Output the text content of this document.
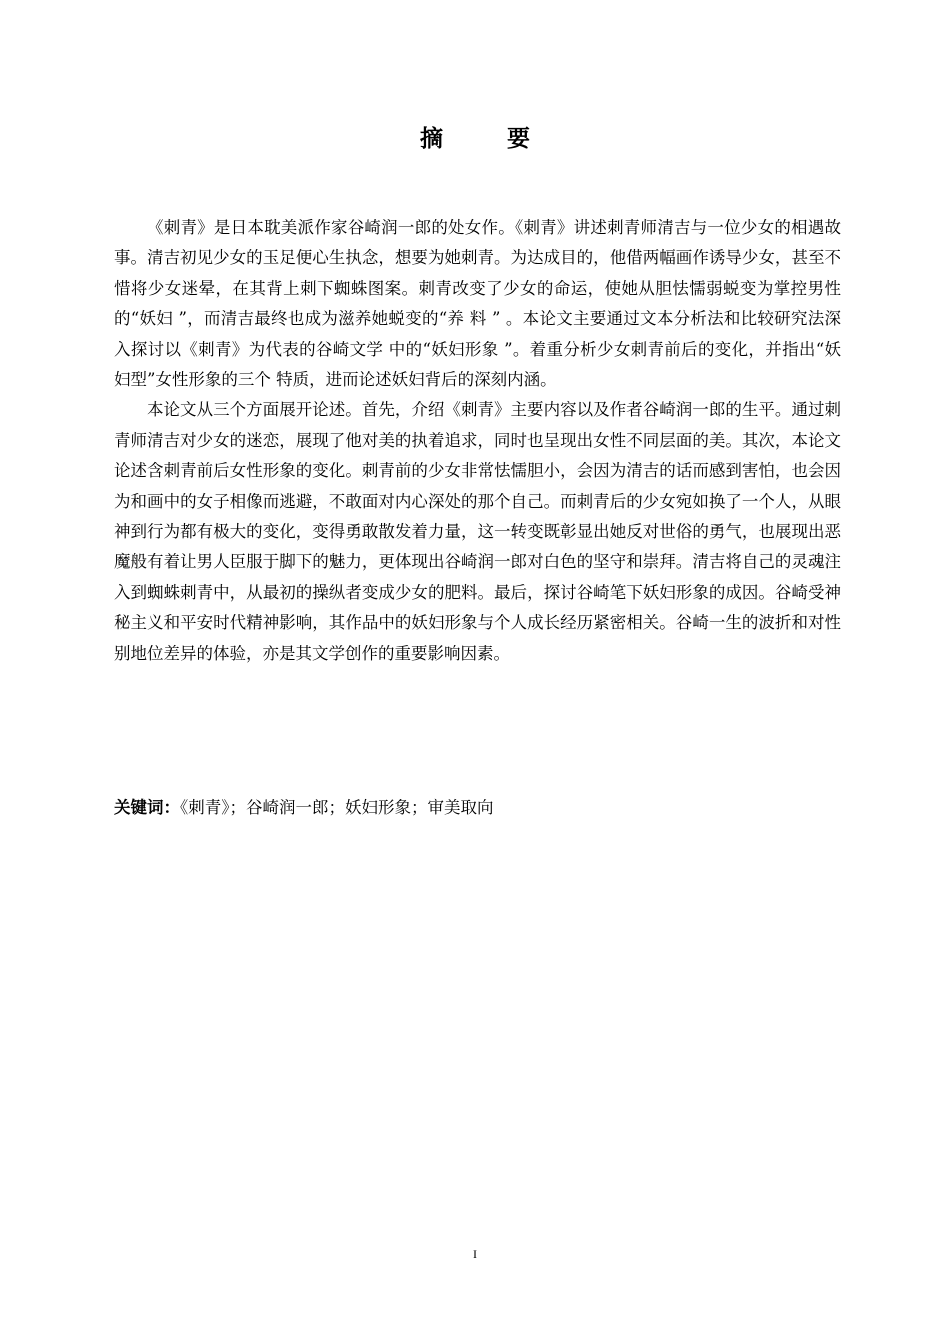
摘 要

《刺青》是日本耽美派作家谷崎润一郎的处女作。《刺青》讲述刺青师清吉与一位少女的相遇故事。清吉初见少女的玉足便心生执念，想要为她刺青。为达成目的，他借两幅画作诱导少女，甚至不惜将少女迷晕，在其背上刺下蜘蛛图案。刺青改变了少女的命运，使她从胆怯懦弱蜕变为掌控男性的“妖妇 ”，而清吉最终也成为滋养她蜕变的“养 料 ” 。本论文主要通过文本分析法和比较研究法深入探讨以《刺青》为代表的谷崎文学 中的“妖妇形象 ”。着重分析少女刺青前后的变化，并指出“妖妇型”女性形象的三个 特质，进而论述妖妇背后的深刻内涵。

本论文从三个方面展开论述。首先，介绍《刺青》主要内容以及作者谷崎润一郎的生平。通过刺青师清吉对少女的迷恋，展现了他对美的执着追求，同时也呈现出女性不同层面的美。其次，本论文论述含刺青前后女性形象的变化。刺青前的少女非常怯懦胆小，会因为清吉的话而感到害怕，也会因为和画中的女子相像而逃避，不敢面对内心深处的那个自己。而刺青后的少女宛如换了一个人，从眼神到行为都有极大的变化，变得勇敢散发着力量，这一转变既彰显出她反对世俗的勇气，也展现出恶魔般有着让男人臣服于脚下的魅力，更体现出谷崎润一郎对白色的坚守和崇拜。清吉将自己的灵魂注入到蜘蛛刺青中，从最初的操纵者变成少女的肥料。最后，探讨谷崎笔下妖妇形象的成因。谷崎受神秘主义和平安时代精神影响，其作品中的妖妇形象与个人成长经历紧密相关。谷崎一生的波折和对性别地位差异的体验，亦是其文学创作的重要影响因素。

关键词：《刺青》；谷崎润一郎；妖妇形象；审美取向
I
